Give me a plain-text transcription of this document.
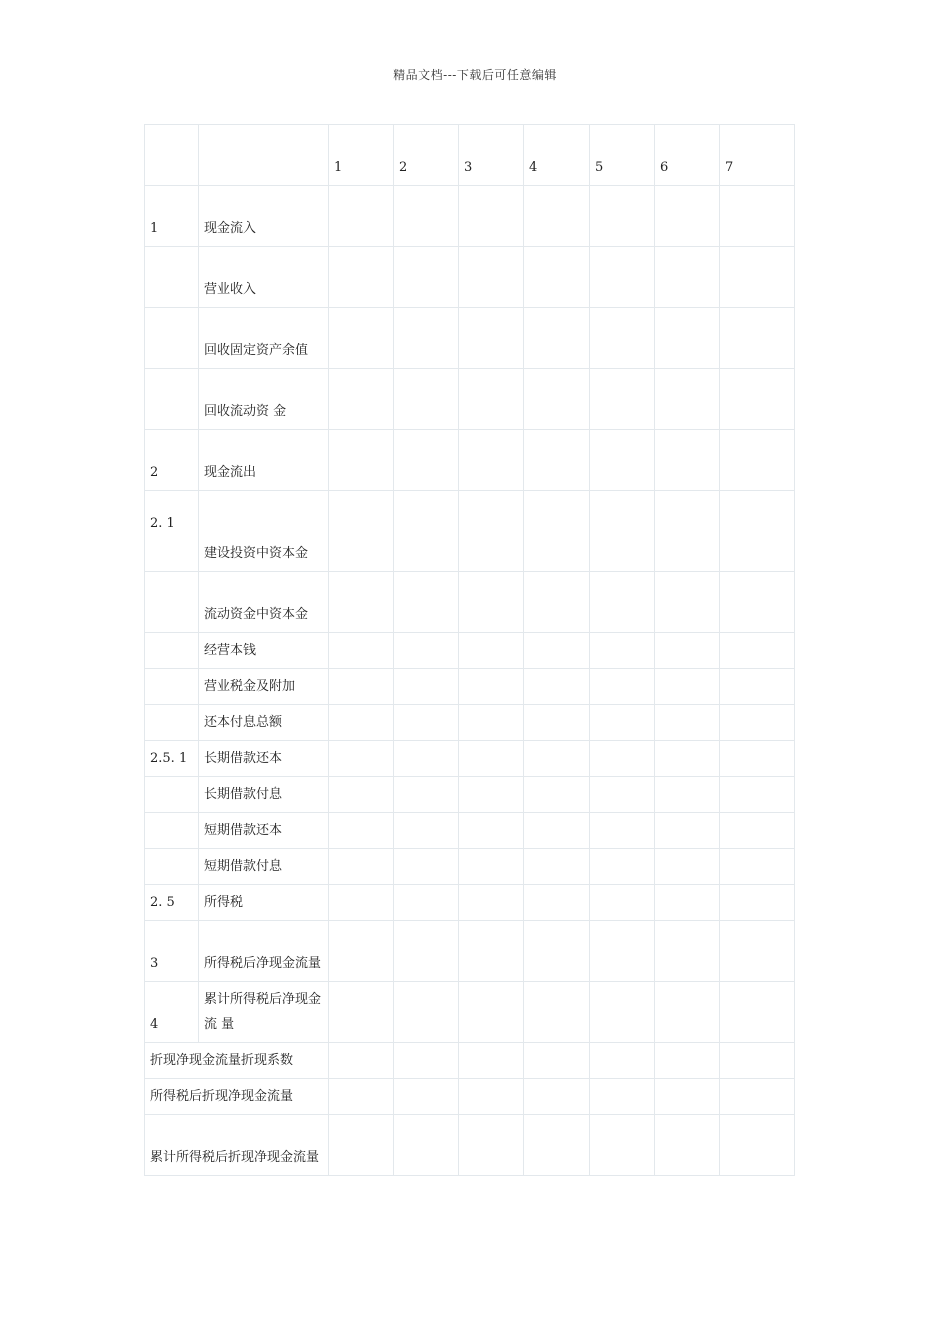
精品文档---下载后可任意编辑
		1	2	3	4	5	6	7
1	现金流入							
	营业收入							
	回收固定资产余值							
	回收流动资 金							
2	现金流出							
2. 1	建设投资中资本金							
	流动资金中资本金							
	经营本钱							
	营业税金及附加							
	还本付息总额							
2.5. 1	长期借款还本							
	长期借款付息							
	短期借款还本							
	短期借款付息							
2. 5	所得税							
3	所得税后净现金流量							
4	累计所得税后净现金流 量							
折现净现金流量折现系数								
所得税后折现净现金流量								
累计所得税后折现净现金流量								
